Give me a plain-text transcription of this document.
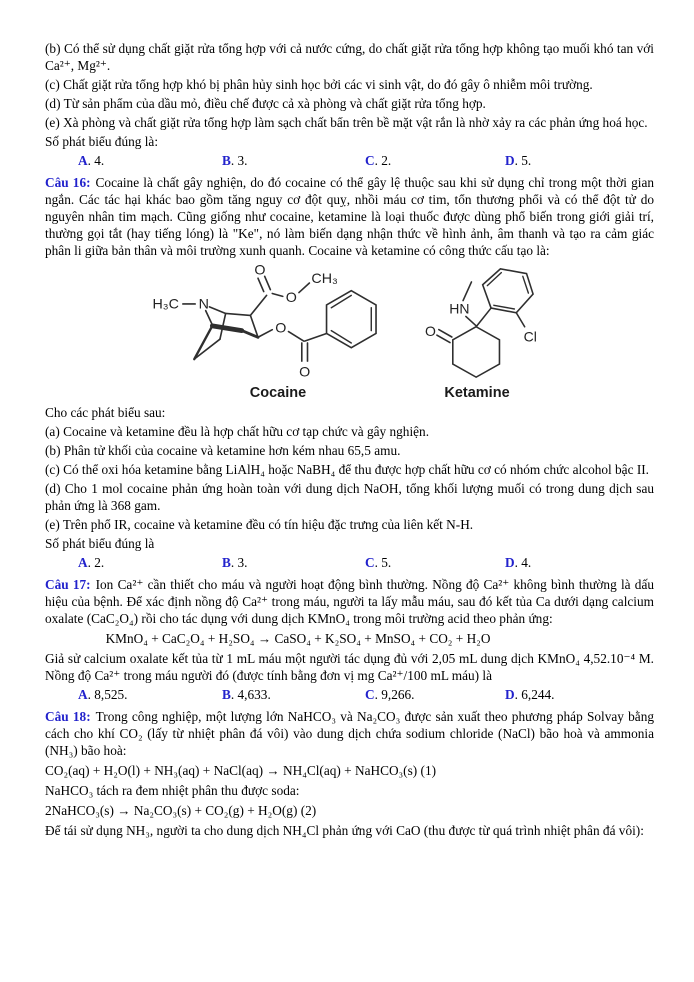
(b) Có thể sử dụng chất giặt rửa tổng hợp với cả nước cứng, do chất giặt rửa tổng hợp không tạo muối khó tan với Ca²⁺, Mg²⁺.

(c) Chất giặt rửa tổng hợp khó bị phân hủy sinh học bởi các vi sinh vật, do đó gây ô nhiễm môi trường.

(d) Từ sản phẩm của dầu mỏ, điều chế được cả xà phòng và chất giặt rửa tổng hợp.

(e) Xà phòng và chất giặt rửa tổng hợp làm sạch chất bẩn trên bề mặt vật rắn là nhờ xảy ra các phản ứng hoá học.

Số phát biểu đúng là:

A. 4.	B. 3.	C. 2.	D. 5.

Câu 16: Cocaine là chất gây nghiện, do đó cocaine có thể gây lệ thuộc sau khi sử dụng chỉ trong một thời gian ngắn. Các tác hại khác bao gồm tăng nguy cơ đột quỵ, nhồi máu cơ tim, tổn thương phổi và có thể đột tử do nguyên nhân tim mạch. Cũng giống như cocaine, ketamine là loại thuốc được dùng phổ biến trong giới giải trí, thường gọi tắt (hay tiếng lóng) là "Ke", nó làm biến dạng nhận thức về hình ảnh, âm thanh và tạo ra cảm giác phân li giữa bản thân và môi trường xunh quanh. Cocaine và ketamine có công thức cấu tạo là:

H₃C N
O
O
CH₃
O
O
Cocaine
HN
O	Cl
Ketamine

Cho các phát biểu sau:

(a) Cocaine và ketamine đều là hợp chất hữu cơ tạp chức và gây nghiện.

(b) Phân tử khối của cocaine và ketamine hơn kém nhau 65,5 amu.

(c) Có thể oxi hóa ketamine bằng LiAlH₄ hoặc NaBH₄ để thu được hợp chất hữu cơ có nhóm chức alcohol bậc II.

(d) Cho 1 mol cocaine phản ứng hoàn toàn với dung dịch NaOH, tổng khối lượng muối có trong dung dịch sau phản ứng là 368 gam.

(e) Trên phổ IR, cocaine và ketamine đều có tín hiệu đặc trưng của liên kết N-H.

Số phát biểu đúng là

A. 2.	B. 3.	C. 5.	D. 4.

Câu 17: Ion Ca²⁺ cần thiết cho máu và người hoạt động bình thường. Nồng độ Ca²⁺ không bình thường là dấu hiệu của bệnh. Để xác định nồng độ Ca²⁺ trong máu, người ta lấy mẫu máu, sau đó kết tủa Ca dưới dạng calcium oxalate (CaC₂O₄) rồi cho tác dụng với dung dịch KMnO₄ trong môi trường acid theo phản ứng:

KMnO₄ + CaC₂O₄ + H₂SO₄ → CaSO₄ + K₂SO₄ + MnSO₄ + CO₂ + H₂O

Giả sử calcium oxalate kết tủa từ 1 mL máu một người tác dụng đủ với 2,05 mL dung dịch KMnO₄ 4,52.10⁻⁴ M. Nồng độ Ca²⁺ trong máu người đó (được tính bằng đơn vị mg Ca²⁺/100 mL máu) là

A. 8,525.	B. 4,633.	C. 9,266.	D. 6,244.

Câu 18: Trong công nghiệp, một lượng lớn NaHCO₃ và Na₂CO₃ được sản xuất theo phương pháp Solvay bằng cách cho khí CO₂ (lấy từ nhiệt phân đá vôi) vào dung dịch chứa sodium chloride (NaCl) bão hoà và ammonia (NH₃) bão hoà:

CO₂(aq) + H₂O(l) + NH₃(aq) + NaCl(aq) → NH₄Cl(aq) + NaHCO₃(s) (1)

NaHCO₃ tách ra đem nhiệt phân thu được soda:

2NaHCO₃(s) → Na₂CO₃(s) + CO₂(g) + H₂O(g) (2)

Để tái sử dụng NH₃, người ta cho dung dịch NH₄Cl phản ứng với CaO (thu được từ quá trình nhiệt phân đá vôi):
